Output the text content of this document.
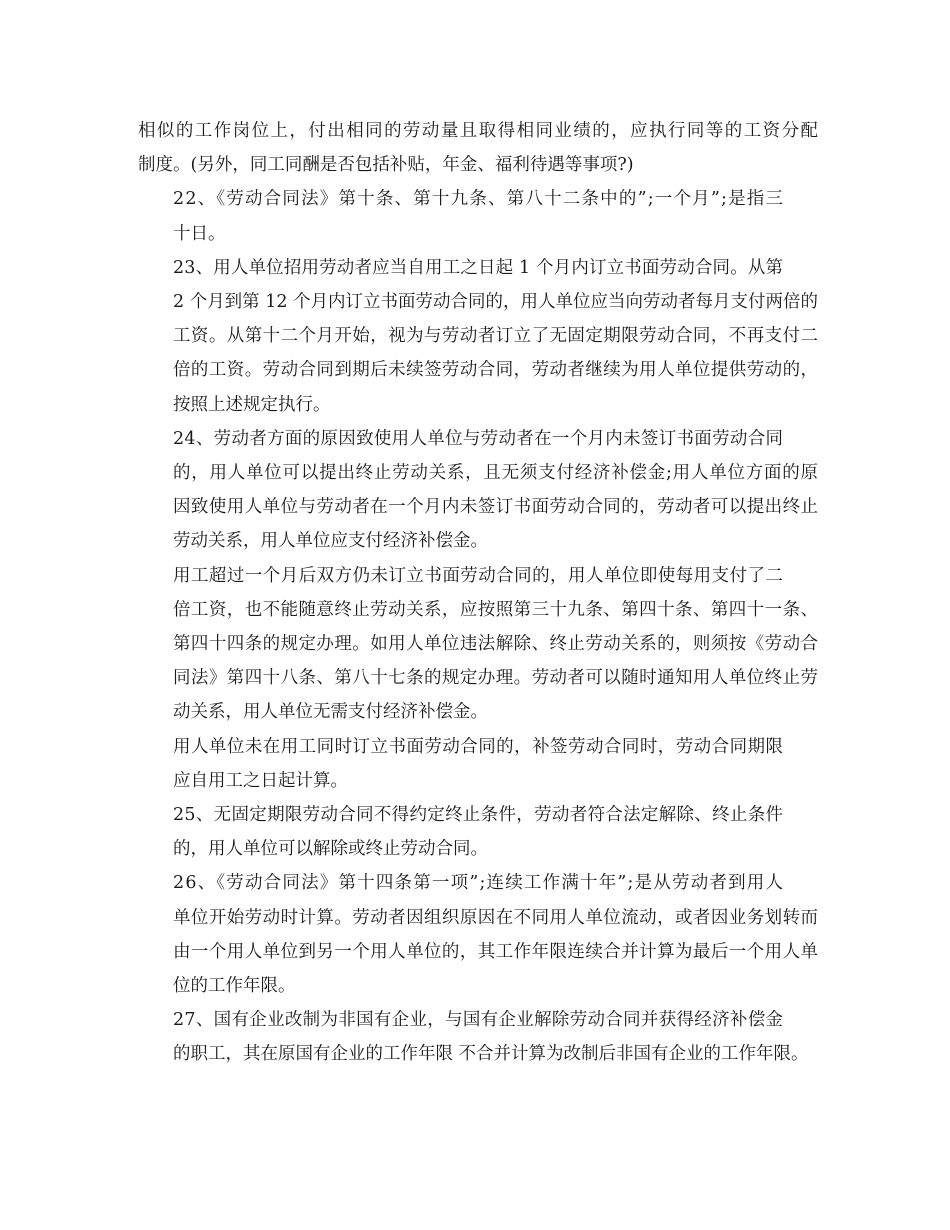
相似的工作岗位上，付出相同的劳动量且取得相同业绩的，应执行同等的工资分配
制度。(另外，同工同酬是否包括补贴，年金、福利待遇等事项?)
22、《劳动合同法》第十条、第十九条、第八十二条中的”;一个月”;是指三
十日。
23、用人单位招用劳动者应当自用工之日起 1 个月内订立书面劳动合同。从第
2 个月到第 12 个月内订立书面劳动合同的，用人单位应当向劳动者每月支付两倍的
工资。从第十二个月开始，视为与劳动者订立了无固定期限劳动合同，不再支付二
倍的工资。劳动合同到期后未续签劳动合同，劳动者继续为用人单位提供劳动的，
按照上述规定执行。
24、劳动者方面的原因致使用人单位与劳动者在一个月内未签订书面劳动合同
的，用人单位可以提出终止劳动关系，且无须支付经济补偿金;用人单位方面的原
因致使用人单位与劳动者在一个月内未签订书面劳动合同的，劳动者可以提出终止
劳动关系，用人单位应支付经济补偿金。
用工超过一个月后双方仍未订立书面劳动合同的，用人单位即使每用支付了二
倍工资，也不能随意终止劳动关系，应按照第三十九条、第四十条、第四十一条、
第四十四条的规定办理。如用人单位违法解除、终止劳动关系的，则须按《劳动合
同法》第四十八条、第八十七条的规定办理。劳动者可以随时通知用人单位终止劳
动关系，用人单位无需支付经济补偿金。
用人单位未在用工同时订立书面劳动合同的，补签劳动合同时，劳动合同期限
应自用工之日起计算。
25、无固定期限劳动合同不得约定终止条件，劳动者符合法定解除、终止条件
的，用人单位可以解除或终止劳动合同。
26、《劳动合同法》第十四条第一项”;连续工作满十年”;是从劳动者到用人
单位开始劳动时计算。劳动者因组织原因在不同用人单位流动，或者因业务划转而
由一个用人单位到另一个用人单位的，其工作年限连续合并计算为最后一个用人单
位的工作年限。
27、国有企业改制为非国有企业，与国有企业解除劳动合同并获得经济补偿金
的职工，其在原国有企业的工作年限 不合并计算为改制后非国有企业的工作年限。
